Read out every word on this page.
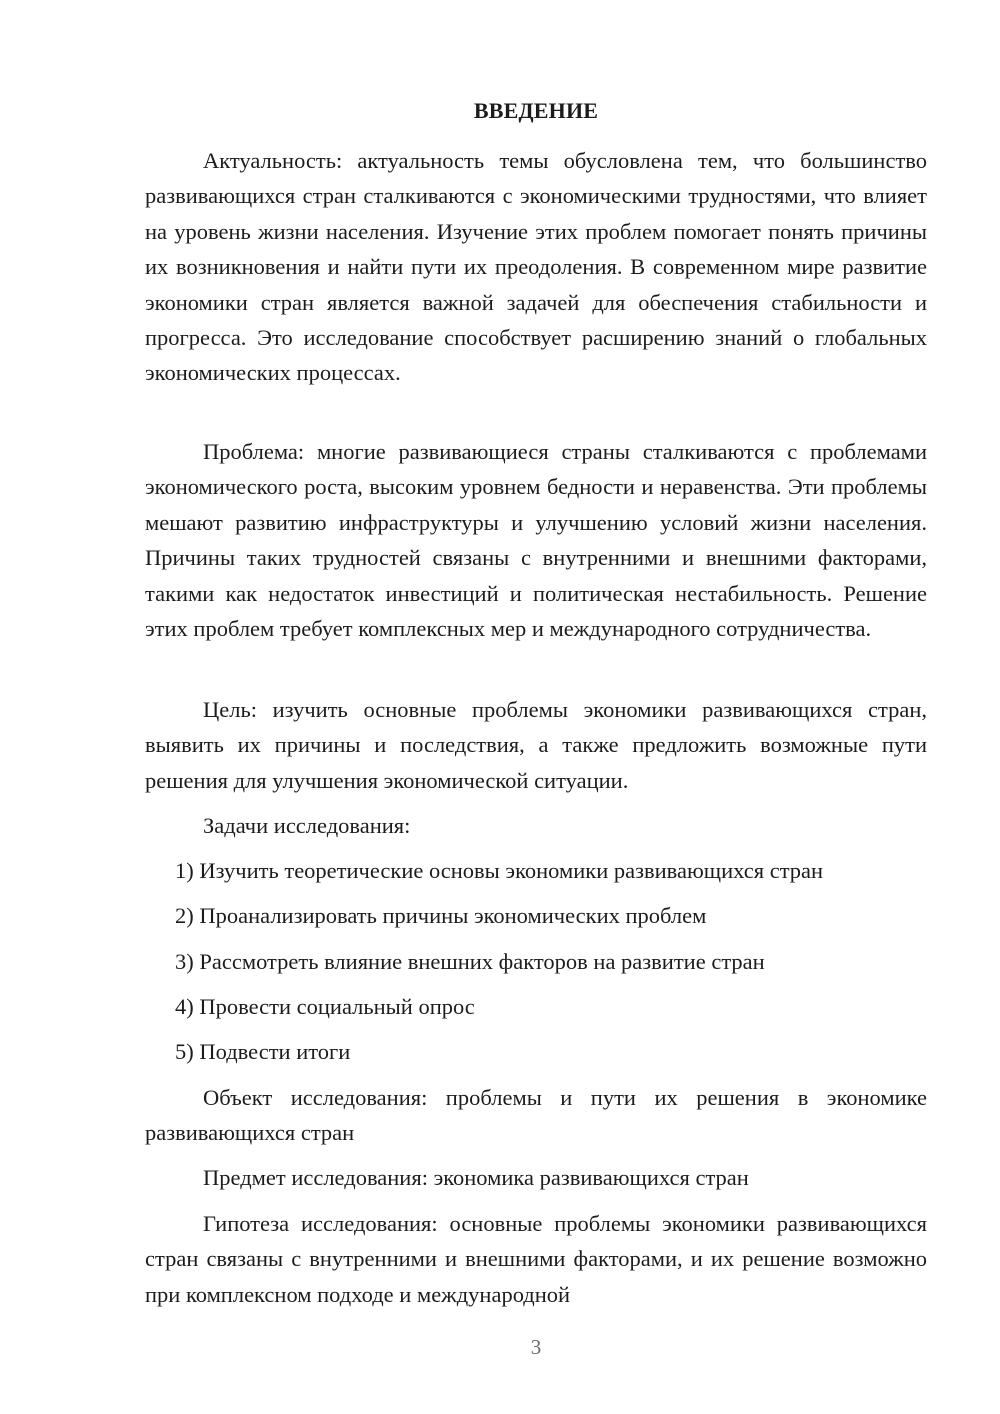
ВВЕДЕНИЕ
Актуальность: актуальность темы обусловлена тем, что большинство развивающихся стран сталкиваются с экономическими трудностями, что влияет на уровень жизни населения. Изучение этих проблем помогает понять причины их возникновения и найти пути их преодоления. В современном мире развитие экономики стран является важной задачей для обеспечения стабильности и прогресса. Это исследование способствует расширению знаний о глобальных экономических процессах.
Проблема: многие развивающиеся страны сталкиваются с проблемами экономического роста, высоким уровнем бедности и неравенства. Эти проблемы мешают развитию инфраструктуры и улучшению условий жизни населения. Причины таких трудностей связаны с внутренними и внешними факторами, такими как недостаток инвестиций и политическая нестабильность. Решение этих проблем требует комплексных мер и международного сотрудничества.
Цель: изучить основные проблемы экономики развивающихся стран, выявить их причины и последствия, а также предложить возможные пути решения для улучшения экономической ситуации.
Задачи исследования:
1) Изучить теоретические основы экономики развивающихся стран
2) Проанализировать причины экономических проблем
3) Рассмотреть влияние внешних факторов на развитие стран
4) Провести социальный опрос
5) Подвести итоги
Объект исследования: проблемы и пути их решения в экономике развивающихся стран
Предмет исследования: экономика развивающихся стран
Гипотеза исследования: основные проблемы экономики развивающихся стран связаны с внутренними и внешними факторами, и их решение возможно при комплексном подходе и международной
3
